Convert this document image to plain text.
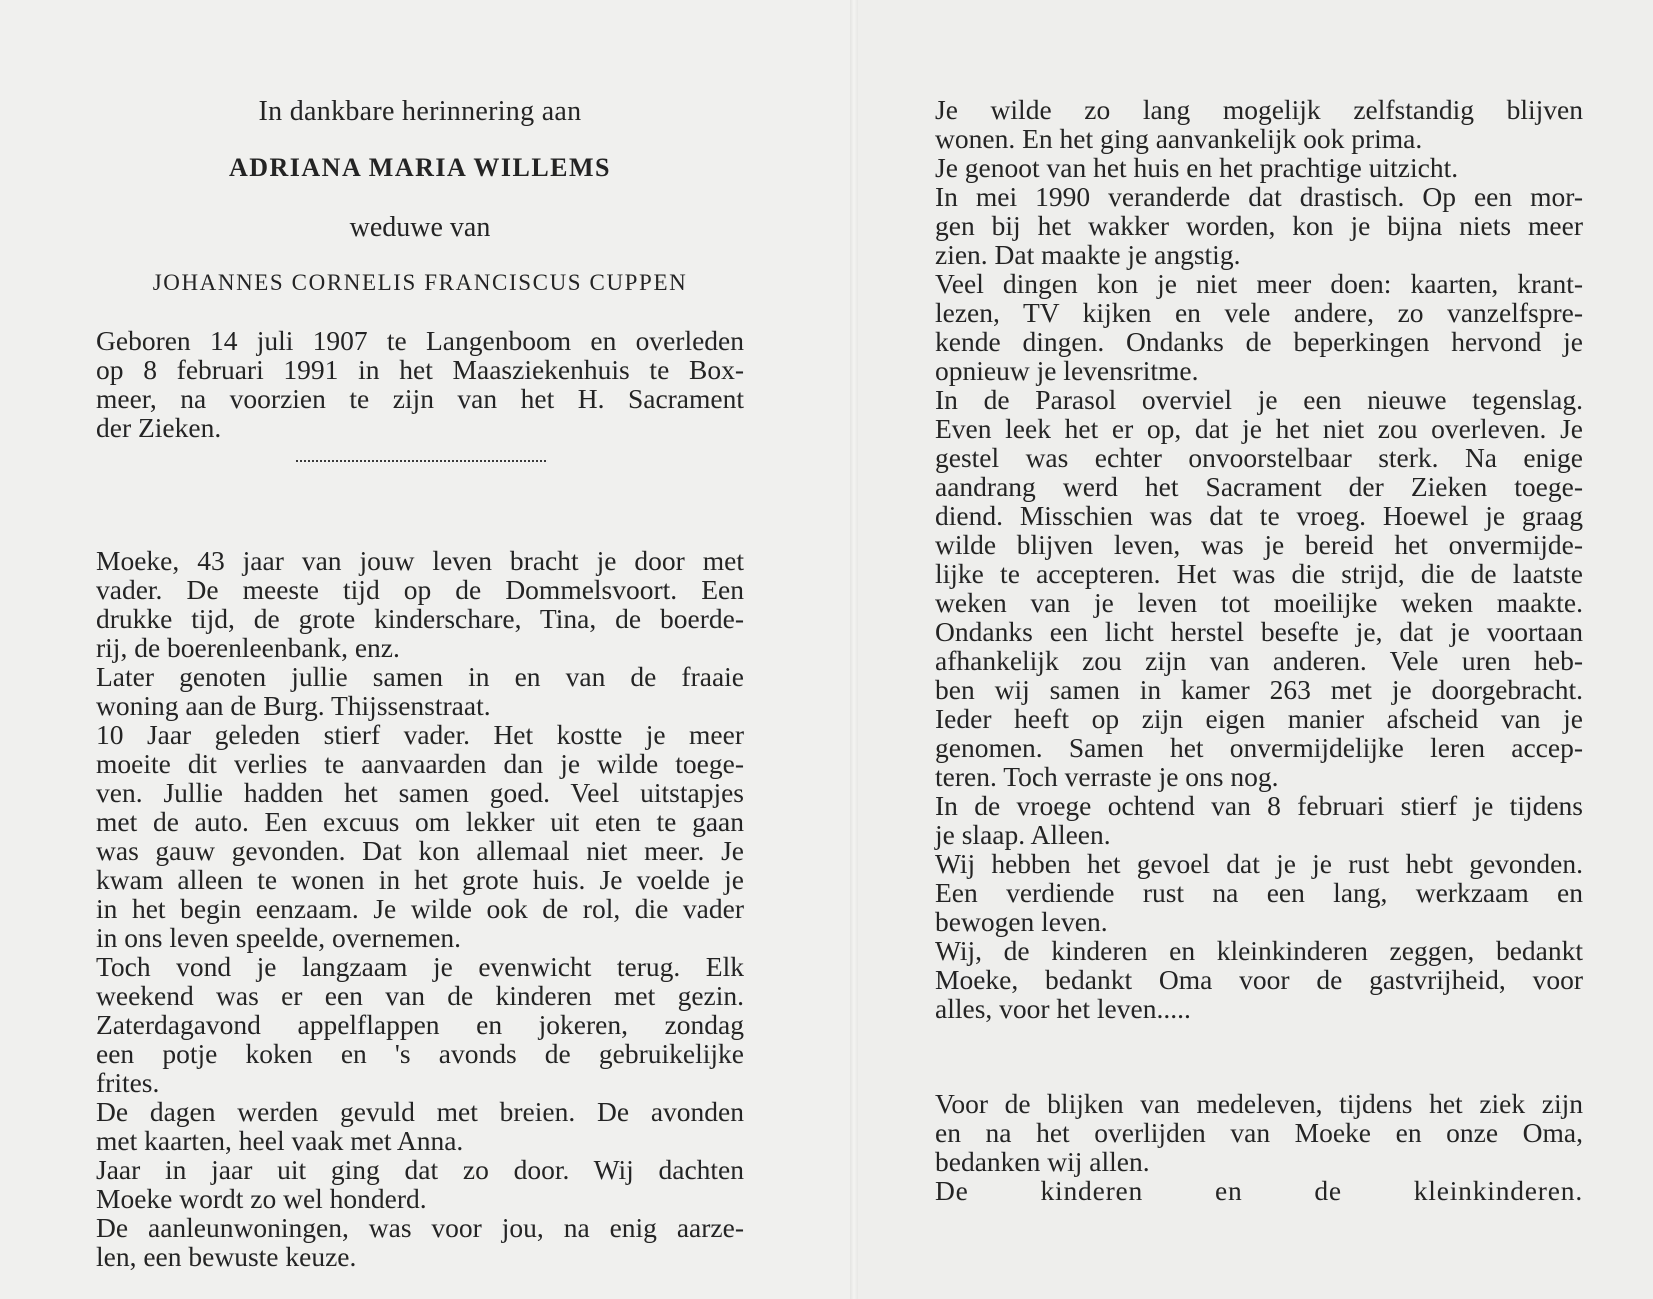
In dankbare herinnering aan
ADRIANA MARIA WILLEMS
weduwe van
JOHANNES CORNELIS FRANCISCUS CUPPEN

Geboren 14 juli 1907 te Langenboom en overleden

op 8 februari 1991 in het Maasziekenhuis te Box-

meer, na voorzien te zijn van het H. Sacrament

der Zieken.

Moeke, 43 jaar van jouw leven bracht je door met

vader. De meeste tijd op de Dommelsvoort. Een

drukke tijd, de grote kinderschare, Tina, de boerde-

rij, de boerenleenbank, enz.

Later genoten jullie samen in en van de fraaie

woning aan de Burg. Thijssenstraat.

10 Jaar geleden stierf vader. Het kostte je meer

moeite dit verlies te aanvaarden dan je wilde toege-

ven. Jullie hadden het samen goed. Veel uitstapjes

met de auto. Een excuus om lekker uit eten te gaan

was gauw gevonden. Dat kon allemaal niet meer. Je

kwam alleen te wonen in het grote huis. Je voelde je

in het begin eenzaam. Je wilde ook de rol, die vader

in ons leven speelde, overnemen.

Toch vond je langzaam je evenwicht terug. Elk

weekend was er een van de kinderen met gezin.

Zaterdagavond appelflappen en jokeren, zondag

een potje koken en 's avonds de gebruikelijke

frites.

De dagen werden gevuld met breien. De avonden

met kaarten, heel vaak met Anna.

Jaar in jaar uit ging dat zo door. Wij dachten

Moeke wordt zo wel honderd.

De aanleunwoningen, was voor jou, na enig aarze-

len, een bewuste keuze.

Je wilde zo lang mogelijk zelfstandig blijven

wonen. En het ging aanvankelijk ook prima.

Je genoot van het huis en het prachtige uitzicht.

In mei 1990 veranderde dat drastisch. Op een mor-

gen bij het wakker worden, kon je bijna niets meer

zien. Dat maakte je angstig.

Veel dingen kon je niet meer doen: kaarten, krant-

lezen, TV kijken en vele andere, zo vanzelfspre-

kende dingen. Ondanks de beperkingen hervond je

opnieuw je levensritme.

In de Parasol overviel je een nieuwe tegenslag.

Even leek het er op, dat je het niet zou overleven. Je

gestel was echter onvoorstelbaar sterk. Na enige

aandrang werd het Sacrament der Zieken toege-

diend. Misschien was dat te vroeg. Hoewel je graag

wilde blijven leven, was je bereid het onvermijde-

lijke te accepteren. Het was die strijd, die de laatste

weken van je leven tot moeilijke weken maakte.

Ondanks een licht herstel besefte je, dat je voortaan

afhankelijk zou zijn van anderen. Vele uren heb-

ben wij samen in kamer 263 met je doorgebracht.

Ieder heeft op zijn eigen manier afscheid van je

genomen. Samen het onvermijdelijke leren accep-

teren. Toch verraste je ons nog.

In de vroege ochtend van 8 februari stierf je tijdens

je slaap. Alleen.

Wij hebben het gevoel dat je je rust hebt gevonden.

Een verdiende rust na een lang, werkzaam en

bewogen leven.

Wij, de kinderen en kleinkinderen zeggen, bedankt

Moeke, bedankt Oma voor de gastvrijheid, voor

alles, voor het leven.....

Voor de blijken van medeleven, tijdens het ziek zijn

en na het overlijden van Moeke en onze Oma,

bedanken wij allen.

De kinderen en de kleinkinderen.
